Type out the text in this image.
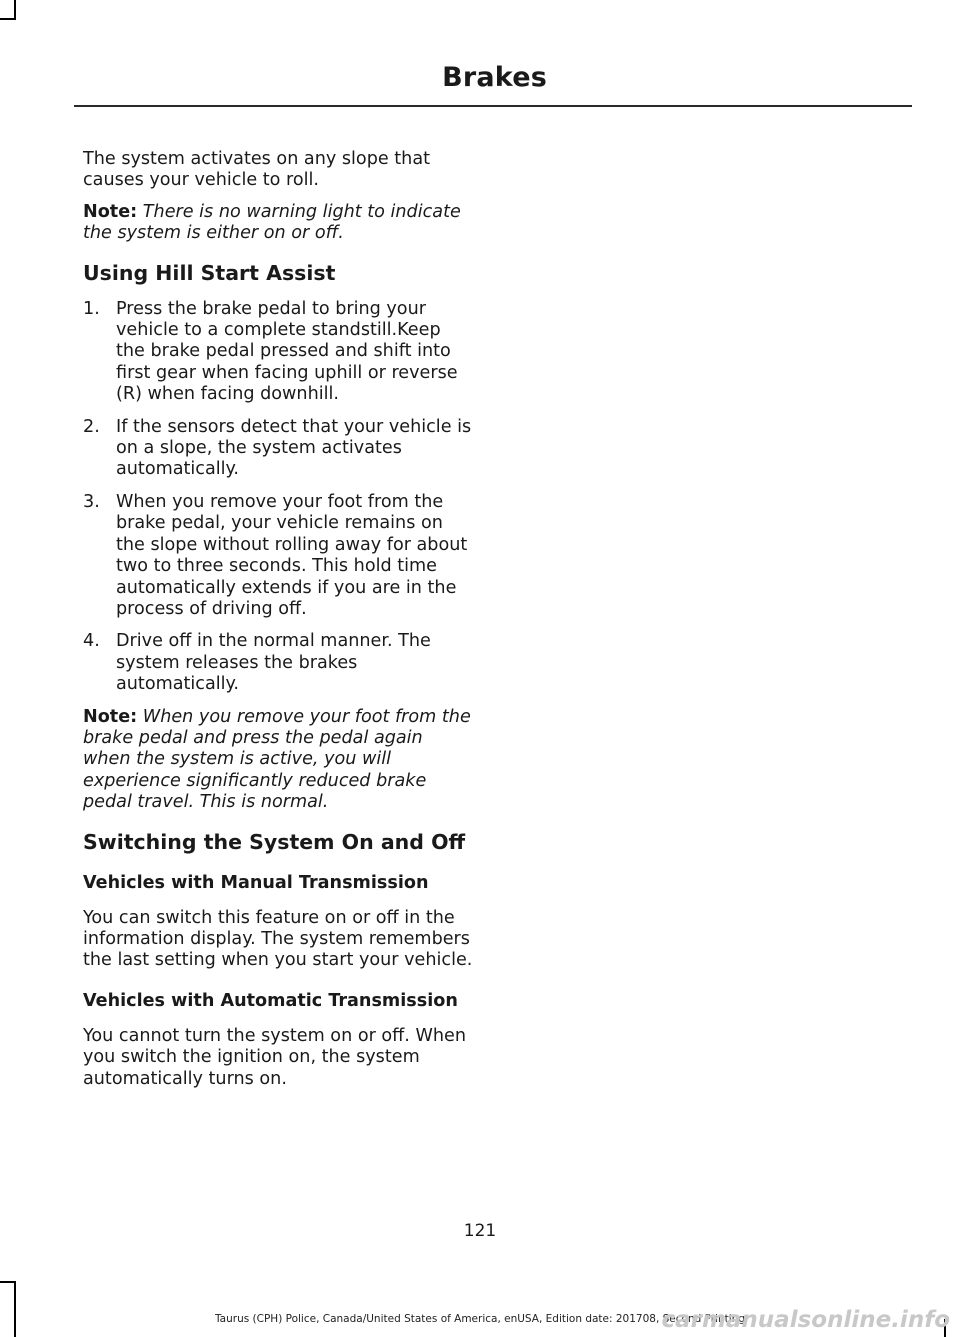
Brakes

The system activates on any slope that causes your vehicle to roll.

Note: There is no warning light to indicate the system is either on or off.

Using Hill Start Assist
1. Press the brake pedal to bring your vehicle to a complete standstill.Keep the brake pedal pressed and shift into first gear when facing uphill or reverse (R) when facing downhill.
2. If the sensors detect that your vehicle is on a slope, the system activates automatically.
3. When you remove your foot from the brake pedal, your vehicle remains on the slope without rolling away for about two to three seconds. This hold time automatically extends if you are in the process of driving off.
4. Drive off in the normal manner. The system releases the brakes automatically.

Note: When you remove your foot from the brake pedal and press the pedal again when the system is active, you will experience significantly reduced brake pedal travel. This is normal.

Switching the System On and Off
Vehicles with Manual Transmission

You can switch this feature on or off in the information display. The system remembers the last setting when you start your vehicle.

Vehicles with Automatic Transmission

You cannot turn the system on or off. When you switch the ignition on, the system automatically turns on.

121

Taurus (CPH) Police, Canada/United States of America, enUSA, Edition date: 201708, Second Printing

carmanualsonline.info
